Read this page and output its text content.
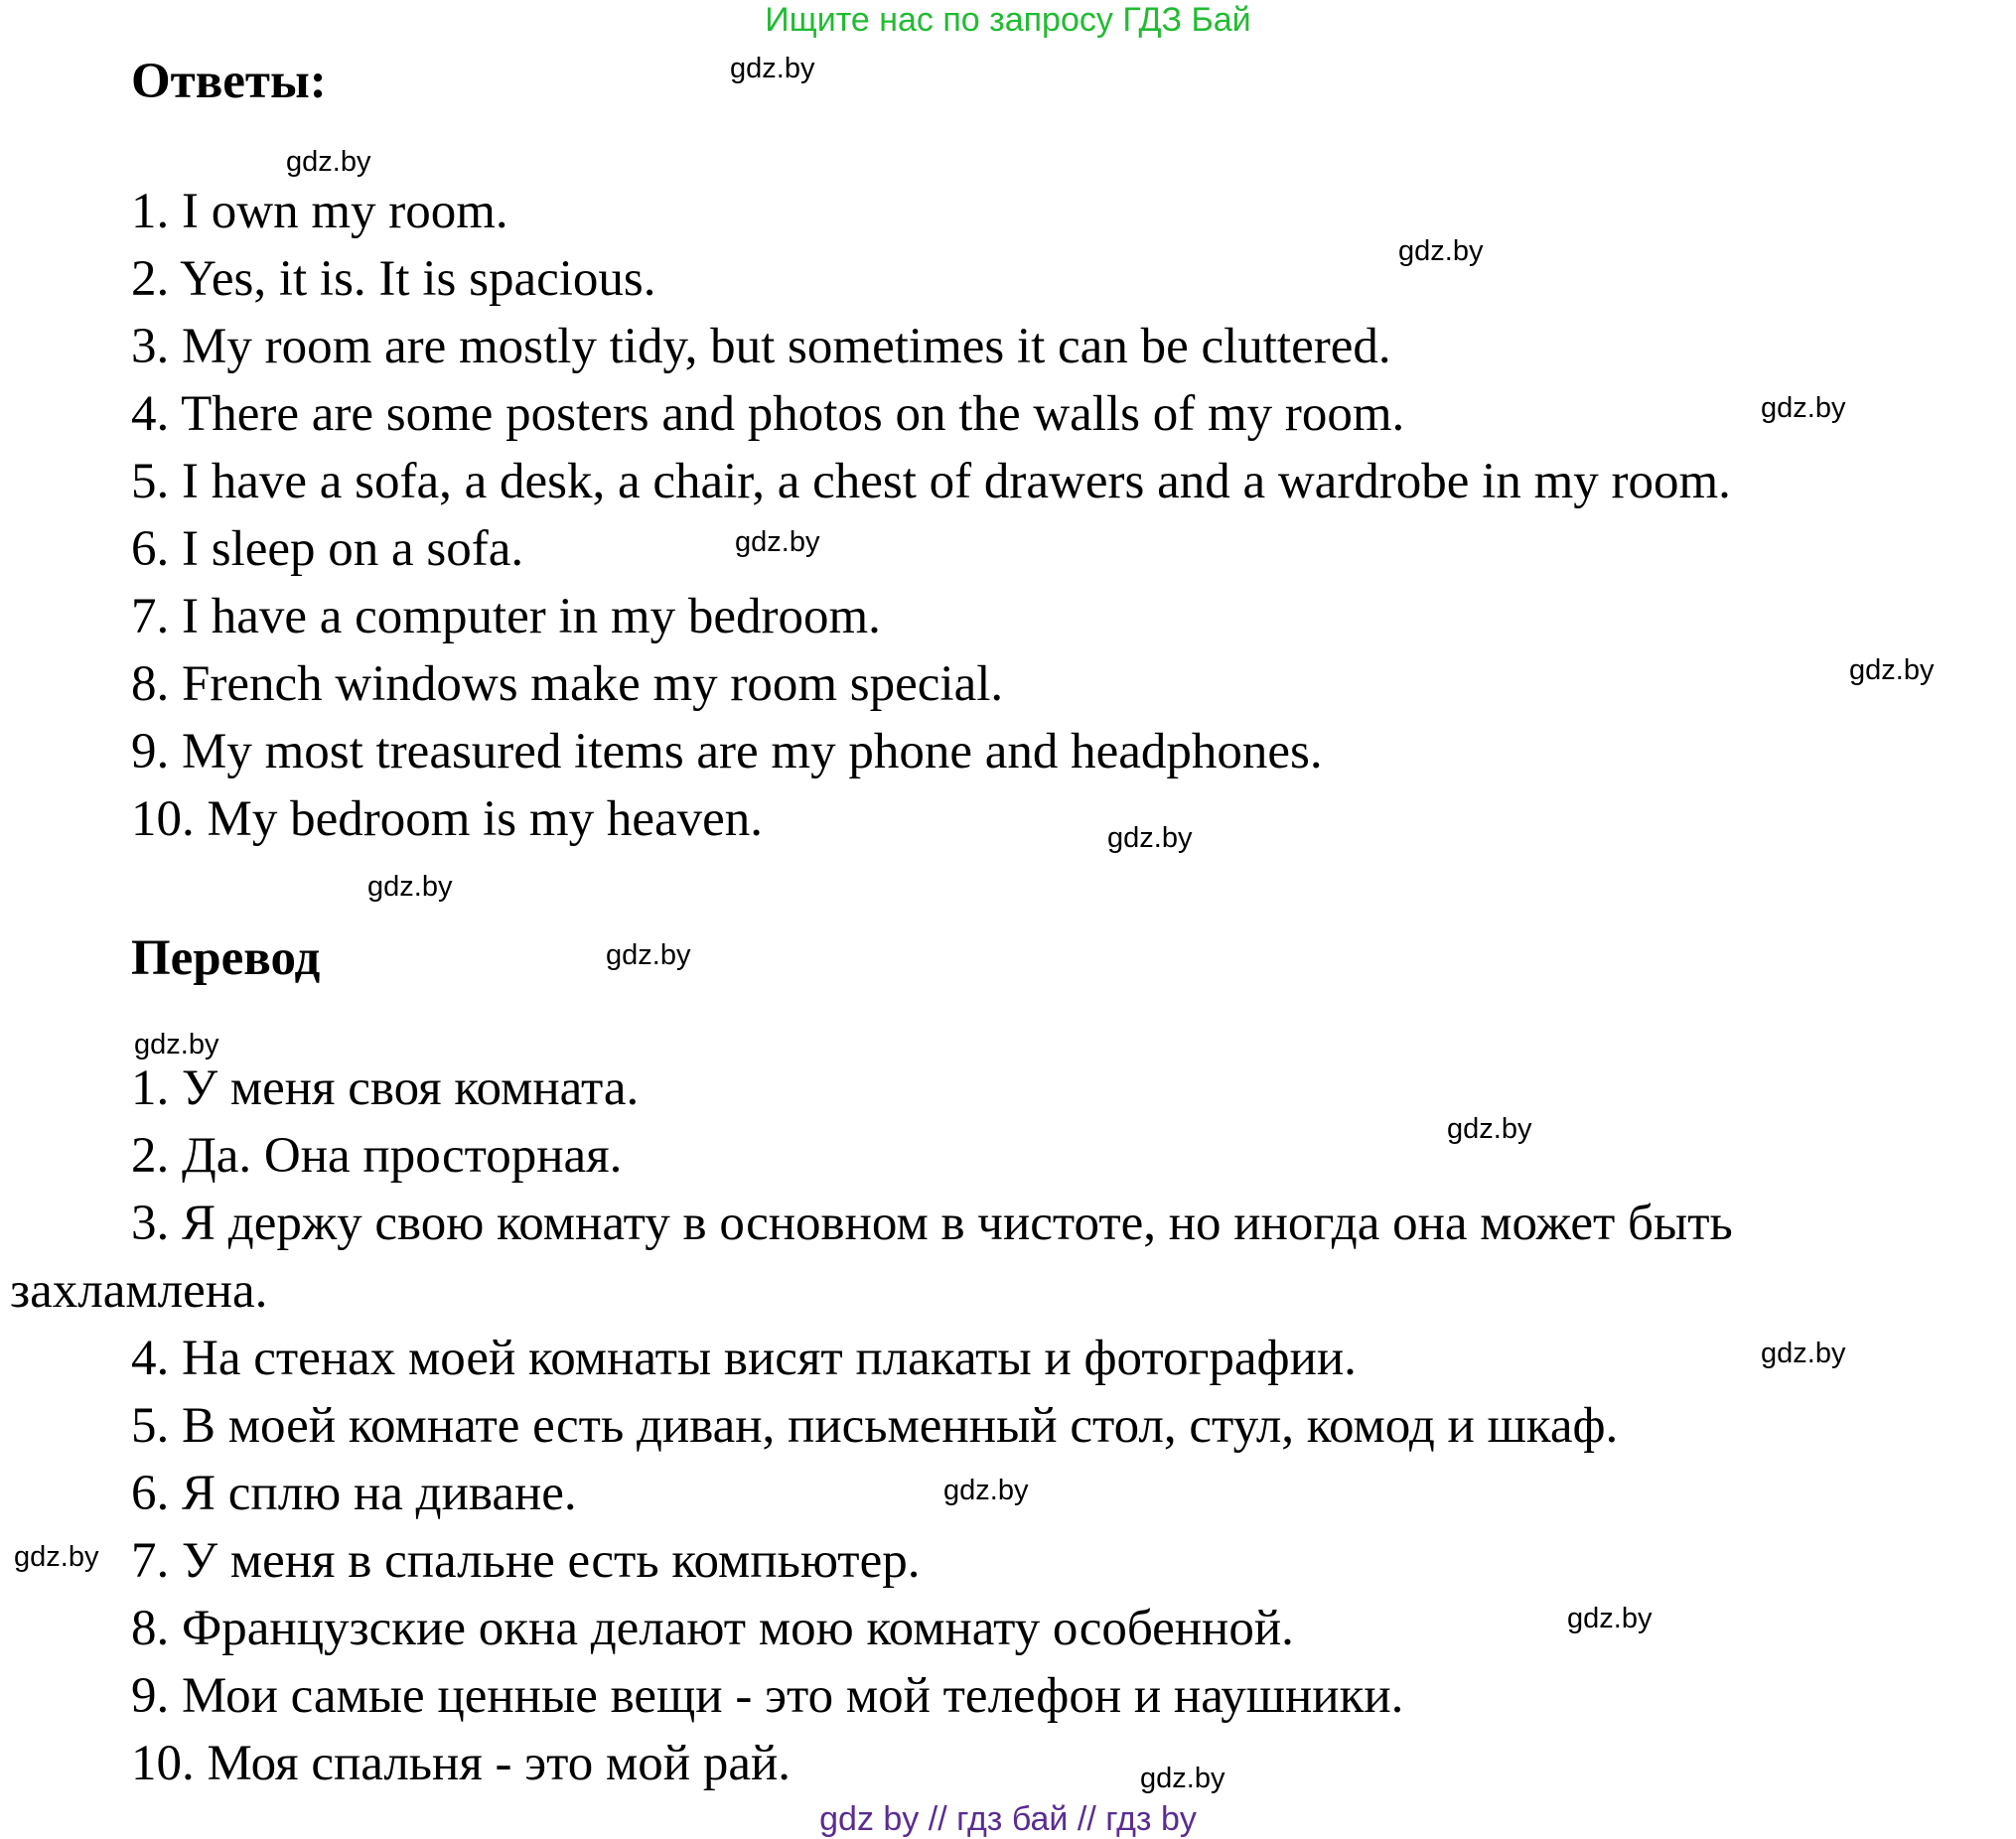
Ищите нас по запросу ГДЗ Бай
Ответы:
1. I own my room.
2. Yes, it is. It is spacious.
3. My room are mostly tidy, but sometimes it can be cluttered.
4. There are some posters and photos on the walls of my room.
5. I have a sofa, a desk, a chair, a chest of drawers and a wardrobe in my room.
6. I sleep on a sofa.
7. I have a computer in my bedroom.
8. French windows make my room special.
9. My most treasured items are my phone and headphones.
10. My bedroom is my heaven.
Перевод
1. У меня своя комната.
2. Да. Она просторная.
3. Я держу свою комнату в основном в чистоте, но иногда она может быть
захламлена.
4. На стенах моей комнаты висят плакаты и фотографии.
5. В моей комнате есть диван, письменный стол, стул, комод и шкаф.
6. Я сплю на диване.
7. У меня в спальне есть компьютер.
8. Французские окна делают мою комнату особенной.
9. Мои самые ценные вещи - это мой телефон и наушники.
10. Моя спальня - это мой рай.
gdz.by
gdz.by
gdz.by
gdz.by
gdz.by
gdz.by
gdz.by
gdz.by
gdz.by
gdz.by
gdz.by
gdz.by
gdz.by
gdz.by
gdz.by
gdz.by
gdz by // гдз бай // гдз by
